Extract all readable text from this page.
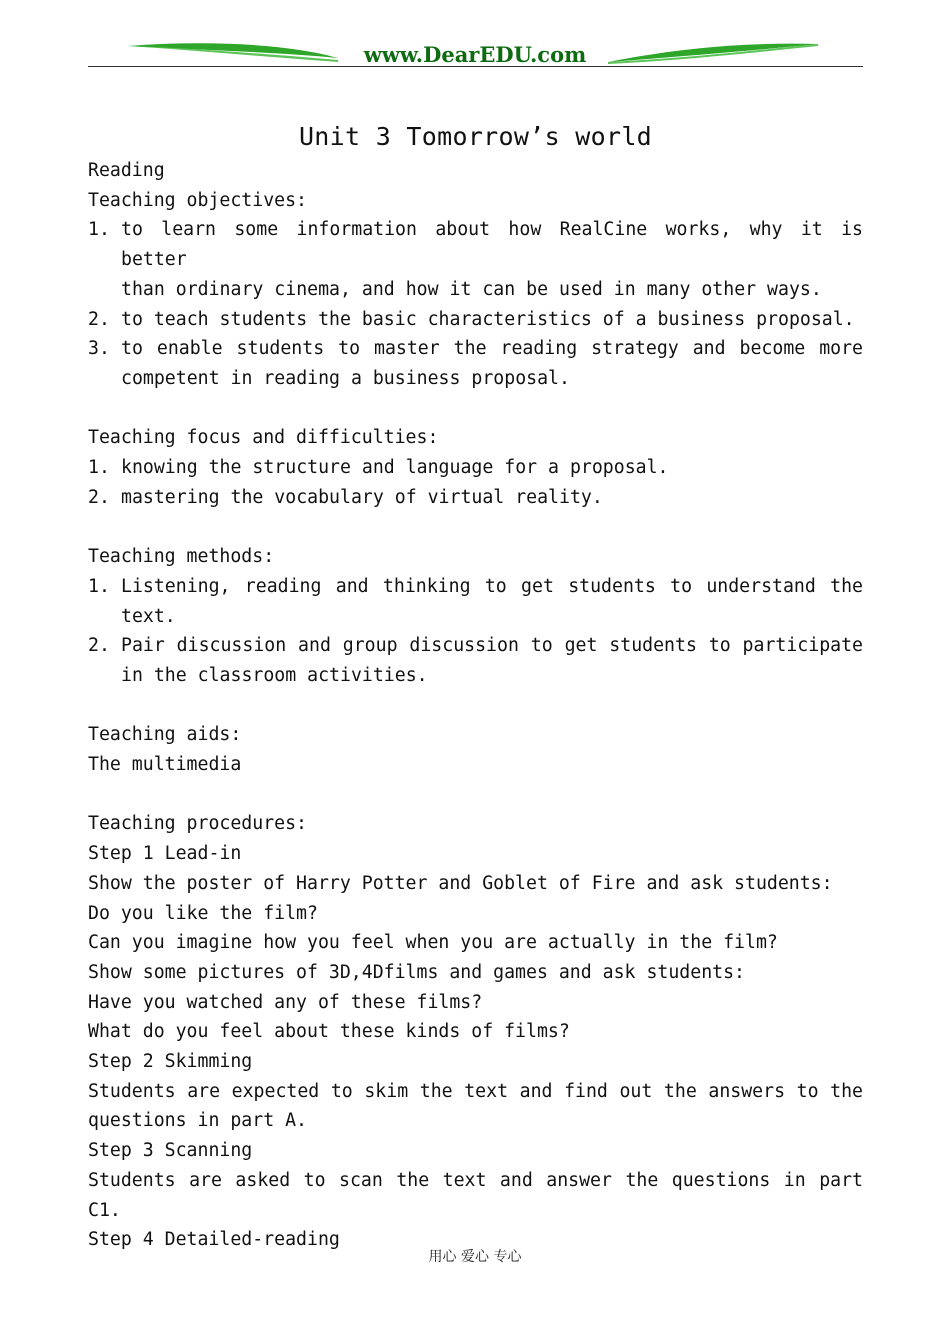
www.DearEDU.com
Unit 3 Tomorrow’s world
Reading
Teaching objectives:
1. to learn some information about how RealCine works, why it is better
than ordinary cinema, and how it can be used in many other ways.
2. to teach students the basic characteristics of a business proposal.
3. to enable students to master the reading strategy and become more
competent in reading a business proposal.
Teaching focus and difficulties:
1. knowing the structure and language for a proposal.
2. mastering the vocabulary of virtual reality.
Teaching methods:
1. Listening, reading and thinking to get students to understand the
text.
2. Pair discussion and group discussion to get students to participate
in the classroom activities.
Teaching aids:
The multimedia
Teaching procedures:
Step 1 Lead-in
Show the poster of Harry Potter and Goblet of Fire and ask students:
Do you like the film?
Can you imagine how you feel when you are actually in the film?
Show some pictures of 3D,4Dfilms and games and ask students:
Have you watched any of these films?
What do you feel about these kinds of films?
Step 2 Skimming
Students are expected to skim the text and find out the answers to the
questions in part A.
Step 3 Scanning
Students are asked to scan the text and answer the questions in part
C1.
Step 4 Detailed-reading
用心 爱心 专心
